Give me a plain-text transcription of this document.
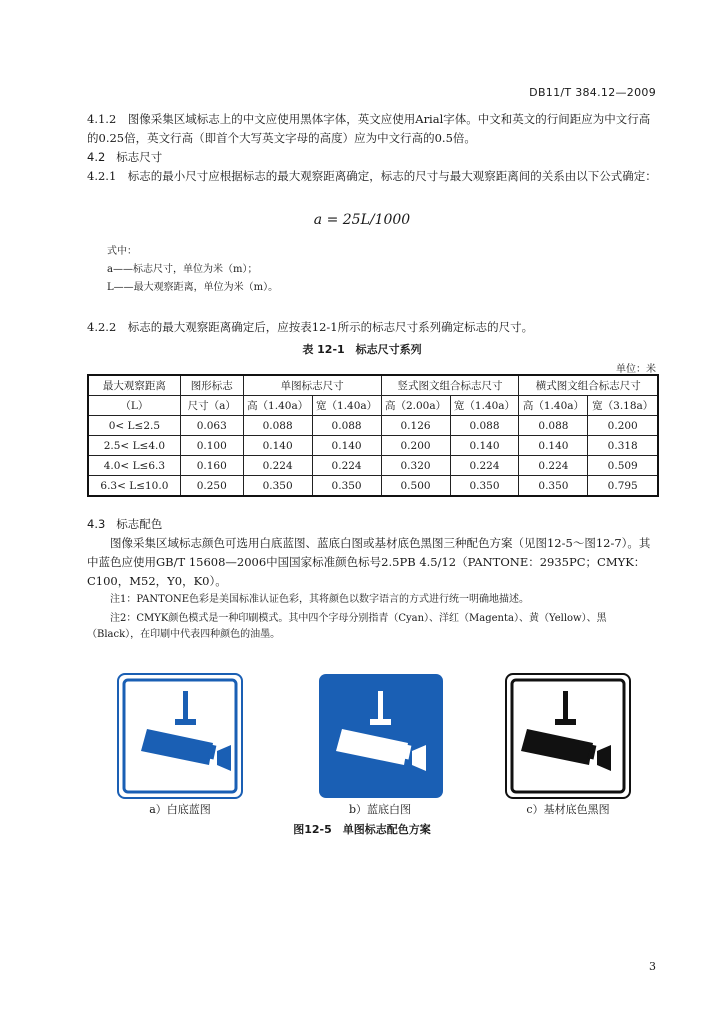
DB11/T 384.12—2009
4.1.2　图像采集区域标志上的中文应使用黑体字体，英文应使用Arial字体。中文和英文的行间距应为中文行高的0.25倍，英文行高（即首个大写英文字母的高度）应为中文行高的0.5倍。
4.2 标志尺寸
4.2.1　标志的最小尺寸应根据标志的最大观察距离确定，标志的尺寸与最大观察距离间的关系由以下公式确定：
a = 25L/1000
式中：
a——标志尺寸，单位为米（m）；
L——最大观察距离，单位为米（m）。
4.2.2　标志的最大观察距离确定后，应按表12-1所示的标志尺寸系列确定标志的尺寸。
表 12-1　标志尺寸系列
单位：米
最大观察距离	图形标志	单图标志尺寸		竖式图文组合标志尺寸		横式图文组合标志尺寸	
（L）	尺寸（a）	高（1.40a）	宽（1.40a）	高（2.00a）	宽（1.40a）	高（1.40a）	宽（3.18a）
0< L≤2.5	0.063	0.088	0.088	0.126	0.088	0.088	0.200
2.5< L≤4.0	0.100	0.140	0.140	0.200	0.140	0.140	0.318
4.0< L≤6.3	0.160	0.224	0.224	0.320	0.224	0.224	0.509
6.3< L≤10.0	0.250	0.350	0.350	0.500	0.350	0.350	0.795
4.3 标志配色
图像采集区域标志颜色可选用白底蓝图、蓝底白图或基材底色黑图三种配色方案（见图12-5～图12-7）。其中蓝色应使用GB/T 15608—2006中国国家标准颜色标号2.5PB 4.5/12（PANTONE：2935PC；CMYK：C100，M52，Y0，K0）。
注1：PANTONE色彩是美国标准认证色彩，其将颜色以数字语言的方式进行统一明确地描述。
注2：CMYK颜色模式是一种印刷模式。其中四个字母分别指青（Cyan）、洋红（Magenta）、黄（Yellow）、黑（Black），在印刷中代表四种颜色的油墨。
a）白底蓝图	b）蓝底白图	c）基材底色黑图
图12-5　单图标志配色方案
3
